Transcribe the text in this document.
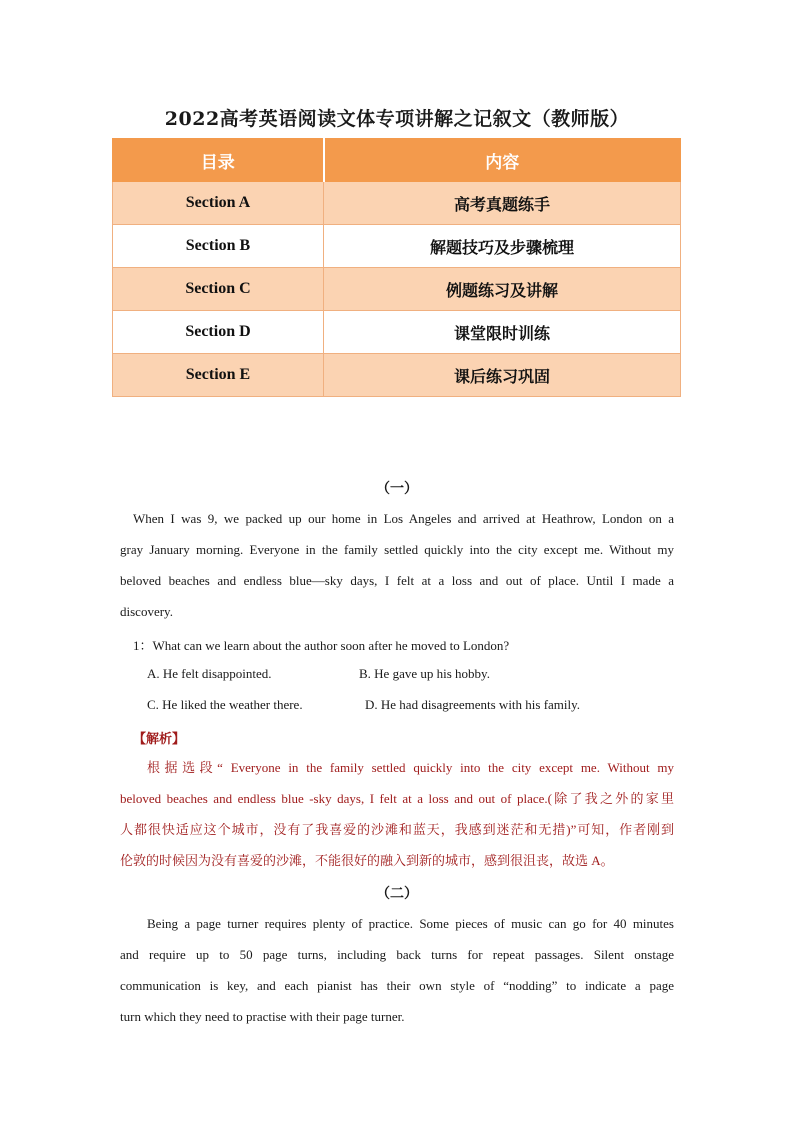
2022高考英语阅读文体专项讲解之记叙文（教师版）
目录	内容
Section A	高考真题练手
Section B	解题技巧及步骤梳理
Section C	例题练习及讲解
Section D	课堂限时训练
Section E	课后练习巩固
（一）
When I was 9, we packed up our home in Los Angeles and arrived at Heathrow, London on a
gray January morning. Everyone in the family settled quickly into the city except me. Without my
beloved beaches and endless blue—sky days, I felt at a loss and out of place. Until I made a
discovery.
1：What can we learn about the author soon after he moved to London?
A. He felt disappointed.	B. He gave up his hobby.
C. He liked the weather there.	D. He had disagreements with his family.
【解析】
根据选段“ Everyone in the family settled quickly into the city except me. Without my
beloved beaches and endless blue -sky days, I felt at a loss and out of place.(除了我之外的家里
人都很快适应这个城市，没有了我喜爱的沙滩和蓝天，我感到迷茫和无措)”可知，作者刚到
伦敦的时候因为没有喜爱的沙滩，不能很好的融入到新的城市，感到很沮丧，故选 A。
（二）
Being a page turner requires plenty of practice. Some pieces of music can go for 40 minutes
and require up to 50 page turns, including back turns for repeat passages. Silent onstage
communication is key, and each pianist has their own style of “nodding” to indicate a page
turn which they need to practise with their page turner.
